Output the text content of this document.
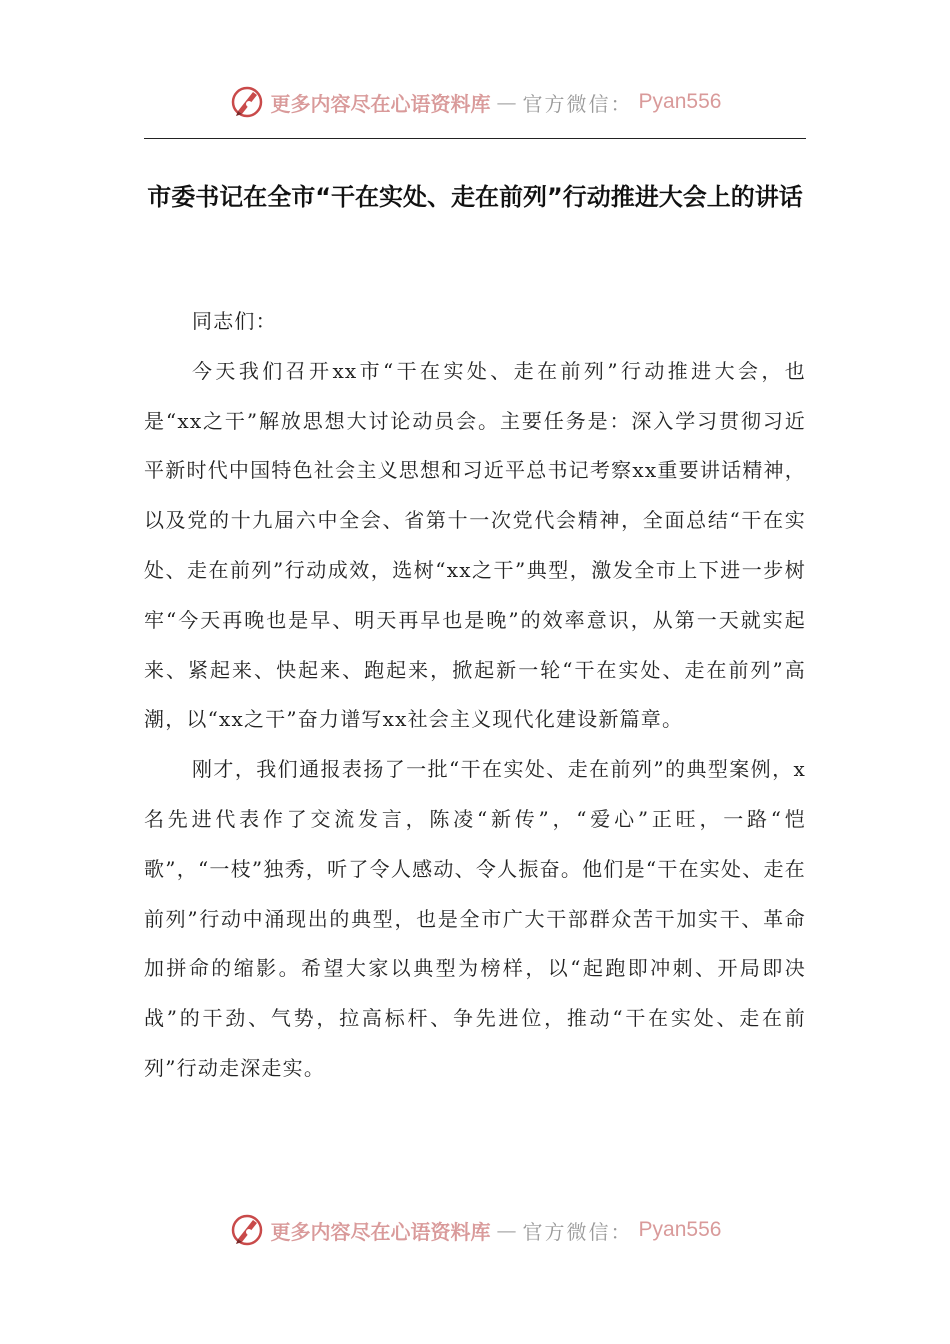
更多内容尽在心语资料库 — 官方微信： Pyan556
市委书记在全市“干在实处、走在前列”行动推进大会上的讲话

同志们：

今天我们召开xx市“干在实处、走在前列”行动推进大会，也是“xx之干”解放思想大讨论动员会。主要任务是：深入学习贯彻习近平新时代中国特色社会主义思想和习近平总书记考察xx重要讲话精神，以及党的十九届六中全会、省第十一次党代会精神，全面总结“干在实处、走在前列”行动成效，选树“xx之干”典型，激发全市上下进一步树牢“今天再晚也是早、明天再早也是晚”的效率意识，从第一天就实起来、紧起来、快起来、跑起来，掀起新一轮“干在实处、走在前列”高潮，以“xx之干”奋力谱写xx社会主义现代化建设新篇章。

刚才，我们通报表扬了一批“干在实处、走在前列”的典型案例，x名先进代表作了交流发言，陈凌“新传”，“爱心”正旺，一路“恺歌”，“一枝”独秀，听了令人感动、令人振奋。他们是“干在实处、走在前列”行动中涌现出的典型，也是全市广大干部群众苦干加实干、革命加拼命的缩影。希望大家以典型为榜样，以“起跑即冲刺、开局即决战”的干劲、气势，拉高标杆、争先进位，推动“干在实处、走在前列”行动走深走实。

更多内容尽在心语资料库 — 官方微信： Pyan556
